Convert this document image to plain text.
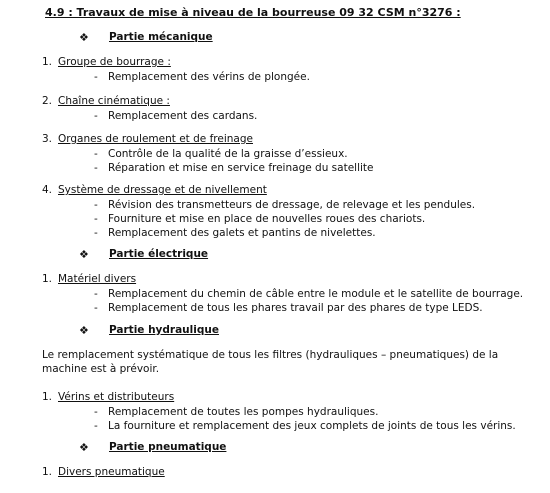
4.9 : Travaux de mise à niveau de la bourreuse 09 32 CSM n°3276 :
❖ Partie mécanique
1. Groupe de bourrage :
- Remplacement des vérins de plongée.
2. Chaîne cinématique :
- Remplacement des cardans.
3. Organes de roulement et de freinage
- Contrôle de la qualité de la graisse d’essieux.
- Réparation et mise en service freinage du satellite
4. Système de dressage et de nivellement
- Révision des transmetteurs de dressage, de relevage et les pendules.
- Fourniture et mise en place de nouvelles roues des chariots.
- Remplacement des galets et pantins de nivelettes.
❖ Partie électrique
1. Matériel divers
- Remplacement du chemin de câble entre le module et le satellite de bourrage.
- Remplacement de tous les phares travail par des phares de type LEDS.
❖ Partie hydraulique
Le remplacement systématique de tous les filtres (hydrauliques – pneumatiques) de la machine est à prévoir.
1. Vérins et distributeurs
- Remplacement de toutes les pompes hydrauliques.
- La fourniture et remplacement des jeux complets de joints de tous les vérins.
❖ Partie pneumatique
1. Divers pneumatique
